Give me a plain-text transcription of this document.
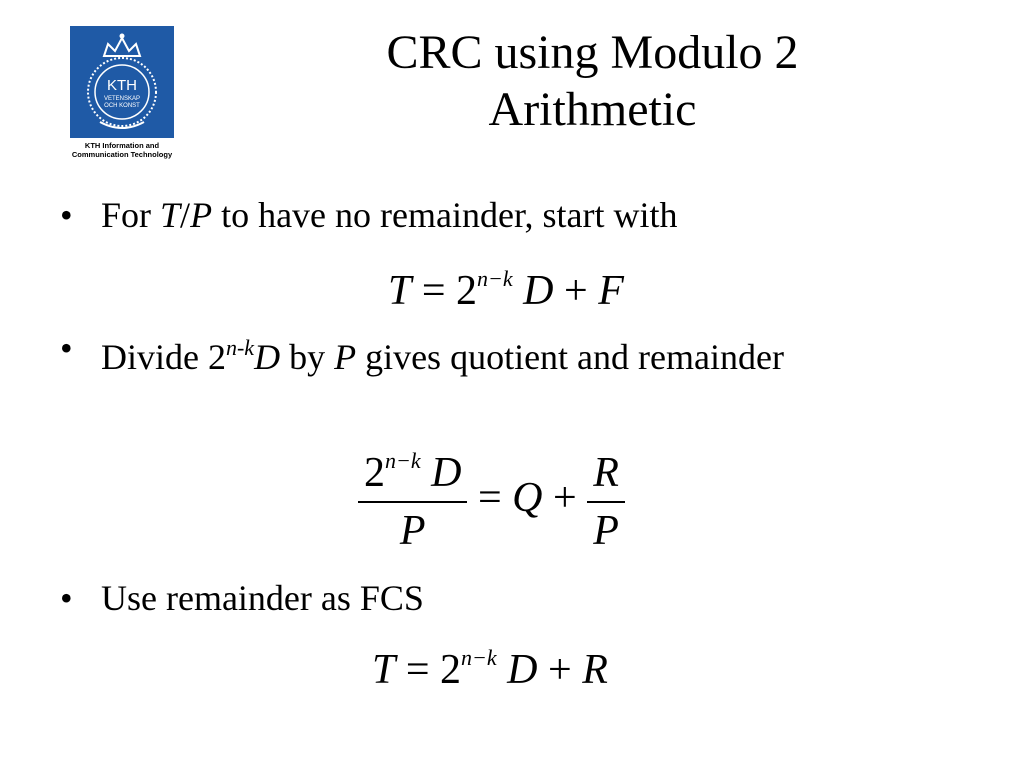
KTH
VETENSKAP
OCH KONST
KTH Information and
Communication Technology
CRC using Modulo 2
Arithmetic
• For T/P to have no remainder, start with
$T = 2^{n-k}$ D + F
• Divide 2$^{n-k}$D by P gives quotient and remainder
$\frac{2^{n-k} D}{P} = Q + \frac{R}{P}$
• Use remainder as FCS
$T = 2^{n-k}$ D + R
